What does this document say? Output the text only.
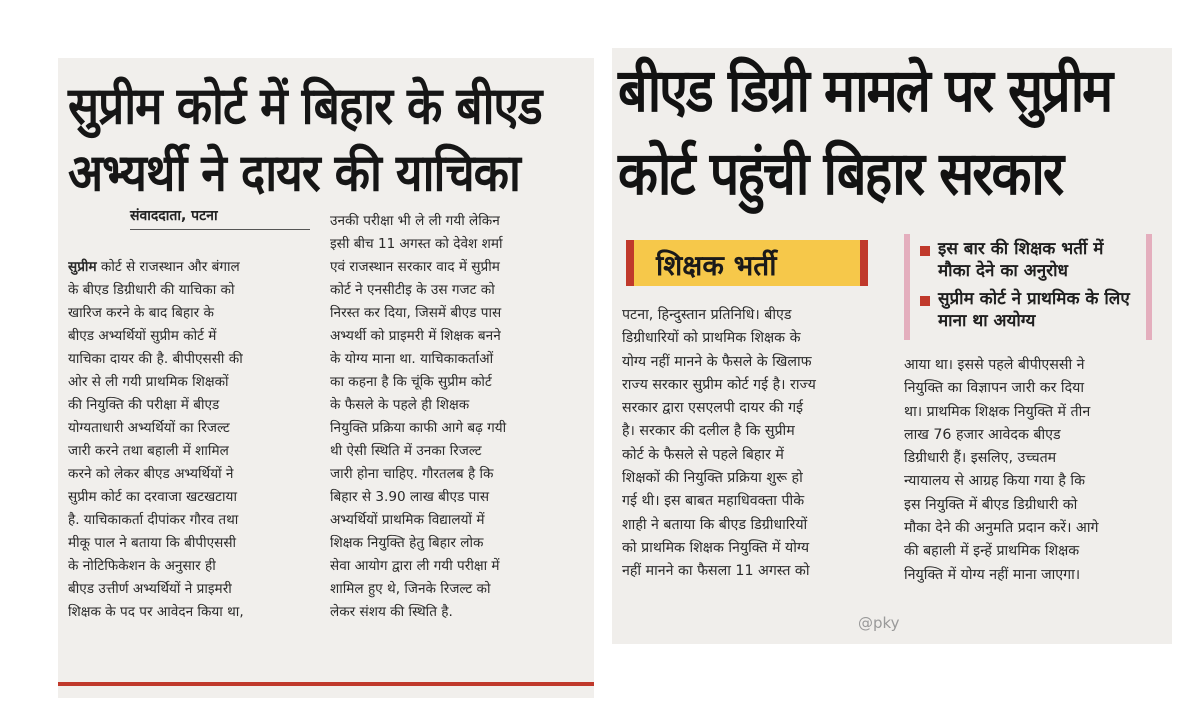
सुप्रीम कोर्ट में बिहार के बीएड
अभ्यर्थी ने दायर की याचिका
संवाददाता, पटना
सुप्रीम कोर्ट से राजस्थान और बंगाल
के बीएड डिग्रीधारी की याचिका को
खारिज करने के बाद बिहार के
बीएड अभ्यर्थियों सुप्रीम कोर्ट में
याचिका दायर की है. बीपीएससी की
ओर से ली गयी प्राथमिक शिक्षकों
की नियुक्ति की परीक्षा में बीएड
योग्यताधारी अभ्यर्थियों का रिजल्ट
जारी करने तथा बहाली में शामिल
करने को लेकर बीएड अभ्यर्थियों ने
सुप्रीम कोर्ट का दरवाजा खटखटाया
है. याचिकाकर्ता दीपांकर गौरव तथा
मीकू पाल ने बताया कि बीपीएससी
के नोटिफिकेशन के अनुसार ही
बीएड उत्तीर्ण अभ्यर्थियों ने प्राइमरी
शिक्षक के पद पर आवेदन किया था,
उनकी परीक्षा भी ले ली गयी लेकिन
इसी बीच 11 अगस्त को देवेश शर्मा
एवं राजस्थान सरकार वाद में सुप्रीम
कोर्ट ने एनसीटीइ के उस गजट को
निरस्त कर दिया, जिसमें बीएड पास
अभ्यर्थी को प्राइमरी में शिक्षक बनने
के योग्य माना था. याचिकाकर्ताओं
का कहना है कि चूंकि सुप्रीम कोर्ट
के फैसले के पहले ही शिक्षक
नियुक्ति प्रक्रिया काफी आगे बढ़ गयी
थी ऐसी स्थिति में उनका रिजल्ट
जारी होना चाहिए. गौरतलब है कि
बिहार से 3.90 लाख बीएड पास
अभ्यर्थियों प्राथमिक विद्यालयों में
शिक्षक नियुक्ति हेतु बिहार लोक
सेवा आयोग द्वारा ली गयी परीक्षा में
शामिल हुए थे, जिनके रिजल्ट को
लेकर संशय की स्थिति है.
बीएड डिग्री मामले पर सुप्रीम
कोर्ट पहुंची बिहार सरकार
शिक्षक भर्ती	इस बार की शिक्षक भर्ती में मौका देने का अनुरोध
सुप्रीम कोर्ट ने प्राथमिक के लिए माना था अयोग्य
पटना, हिन्दुस्तान प्रतिनिधि। बीएड
डिग्रीधारियों को प्राथमिक शिक्षक के
योग्य नहीं मानने के फैसले के खिलाफ
राज्य सरकार सुप्रीम कोर्ट गई है। राज्य
सरकार द्वारा एसएलपी दायर की गई
है। सरकार की दलील है कि सुप्रीम
कोर्ट के फैसले से पहले बिहार में
शिक्षकों की नियुक्ति प्रक्रिया शुरू हो
गई थी। इस बाबत महाधिवक्ता पीके
शाही ने बताया कि बीएड डिग्रीधारियों
को प्राथमिक शिक्षक नियुक्ति में योग्य
नहीं मानने का फैसला 11 अगस्त को
आया था। इससे पहले बीपीएससी ने
नियुक्ति का विज्ञापन जारी कर दिया
था। प्राथमिक शिक्षक नियुक्ति में तीन
लाख 76 हजार आवेदक बीएड
डिग्रीधारी हैं। इसलिए, उच्चतम
न्यायालय से आग्रह किया गया है कि
इस नियुक्ति में बीएड डिग्रीधारी को
मौका देने की अनुमति प्रदान करें। आगे
की बहाली में इन्हें प्राथमिक शिक्षक
नियुक्ति में योग्य नहीं माना जाएगा।
@pky
